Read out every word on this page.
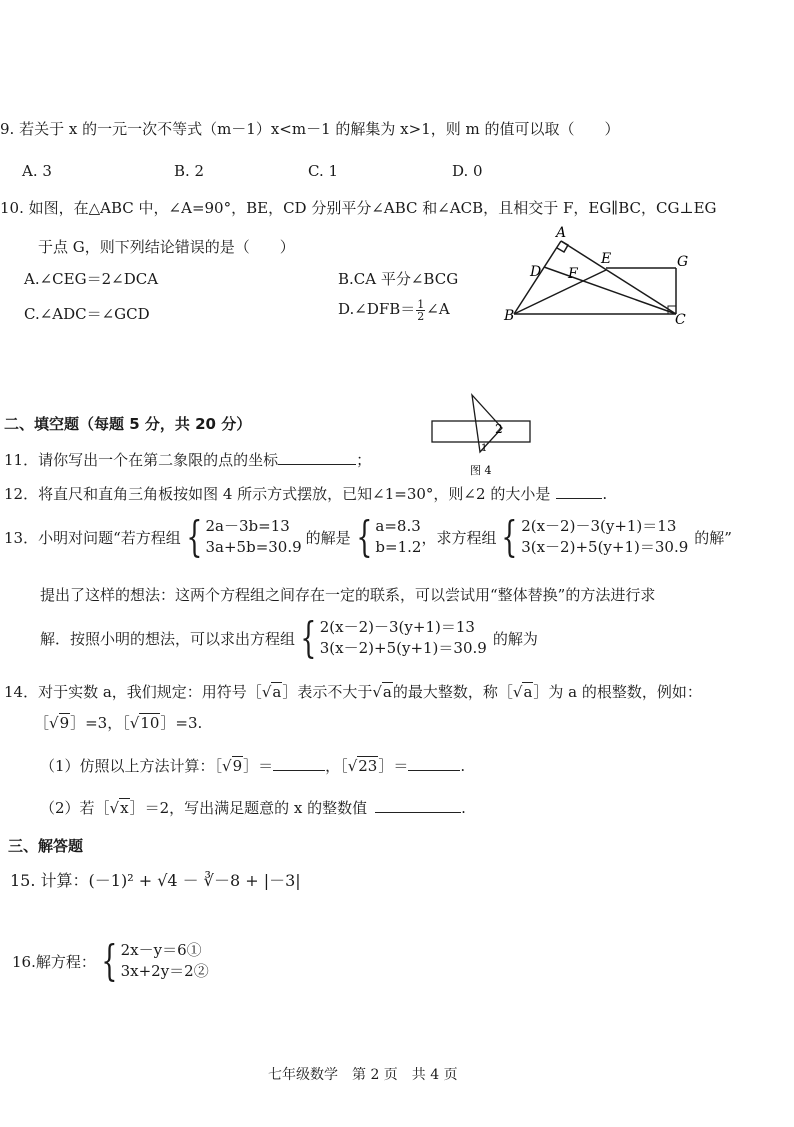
9. 若关于 x 的一元一次不等式（m－1）x<m－1 的解集为 x>1，则 m 的值可以取（　　）
A. 3	B. 2	C. 1	D. 0
10. 如图，在△ABC 中，∠A=90°，BE，CD 分别平分∠ABC 和∠ACB，且相交于 F，EG∥BC，CG⊥EG
于点 G，则下列结论错误的是（　　）
A.∠CEG＝2∠DCA	B.CA 平分∠BCG
C.∠ADC＝∠GCD	D.∠DFB＝ $\frac{1}{2}$ ∠A
A
D F
E	G
B	C
二、填空题（每题 5 分，共 20 分）	2
1
图 4
11．请你写出一个在第二象限的点的坐标	；
12．将直尺和直角三角板按如图 4 所示方式摆放，已知∠1=30°，则∠2 的大小是	.
13．小明对问题“若方程组 { 2a－3b=13
3a+5b=30.9
的解是 { a=8.3
b=1.2
，求方程组 { 2(x－2)－3(y+1)＝13
3(x－2)+5(y+1)＝30.9
的解”
提出了这样的想法：这两个方程组之间存在一定的联系，可以尝试用“整体替换”的方法进行求
解．按照小明的想法，可以求出方程组 { 2(x－2)－3(y+1)＝13
3(x－2)+5(y+1)＝30.9
的解为
14．对于实数 a，我们规定：用符号［√a］表示不大于√a的最大整数，称［√a］为 a 的根整数，例如：
［√9］=3，［√10］=3.
（1）仿照以上方法计算：［√9］＝	，［√23］＝	.
（2）若［√x］＝2，写出满足题意的 x 的整数值	.
三、解答题
15. 计算：(－1)² + √4 － ∛－8 + |－3|
16.解方程： { 2x－y＝6①
3x+2y＝2②
七年级数学　第 2 页　共 4 页
